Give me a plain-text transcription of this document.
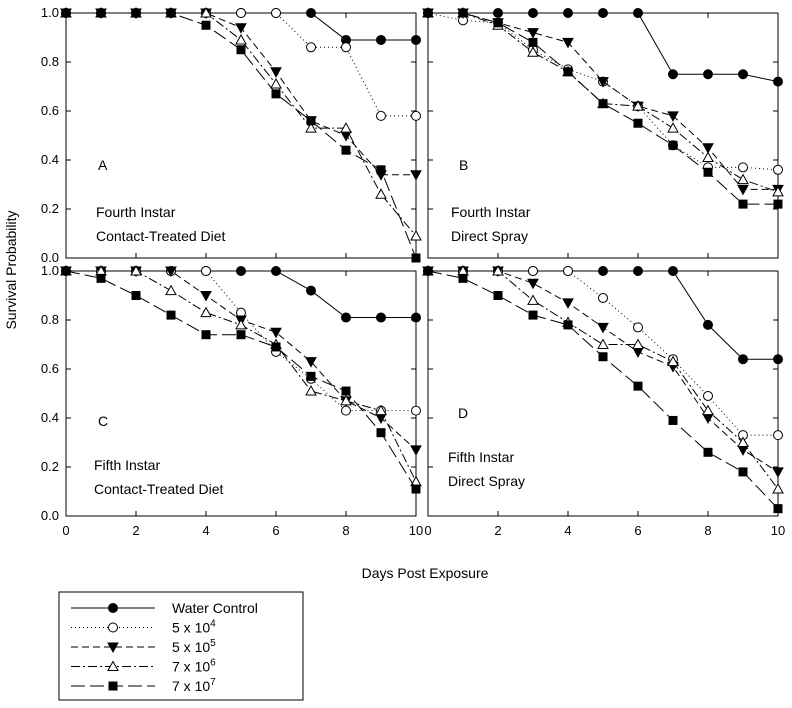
0.0
0.2
0.4
0.6
0.8
1.0
A
Fourth Instar
Contact-Treated Diet
B
Fourth Instar
Direct Spray
0.0
0.2
0.4
0.6
0.8
1.0
0	2	4	6	8	10
C
Fifth Instar
Contact-Treated Diet
0	2	4	6	8	10
D
Fifth Instar
Direct Spray
Days Post Exposure
Survival Probability
Water Control
5 x $10^4$
5 x $10^5$
7 x $10^6$
7 x $10^7$
